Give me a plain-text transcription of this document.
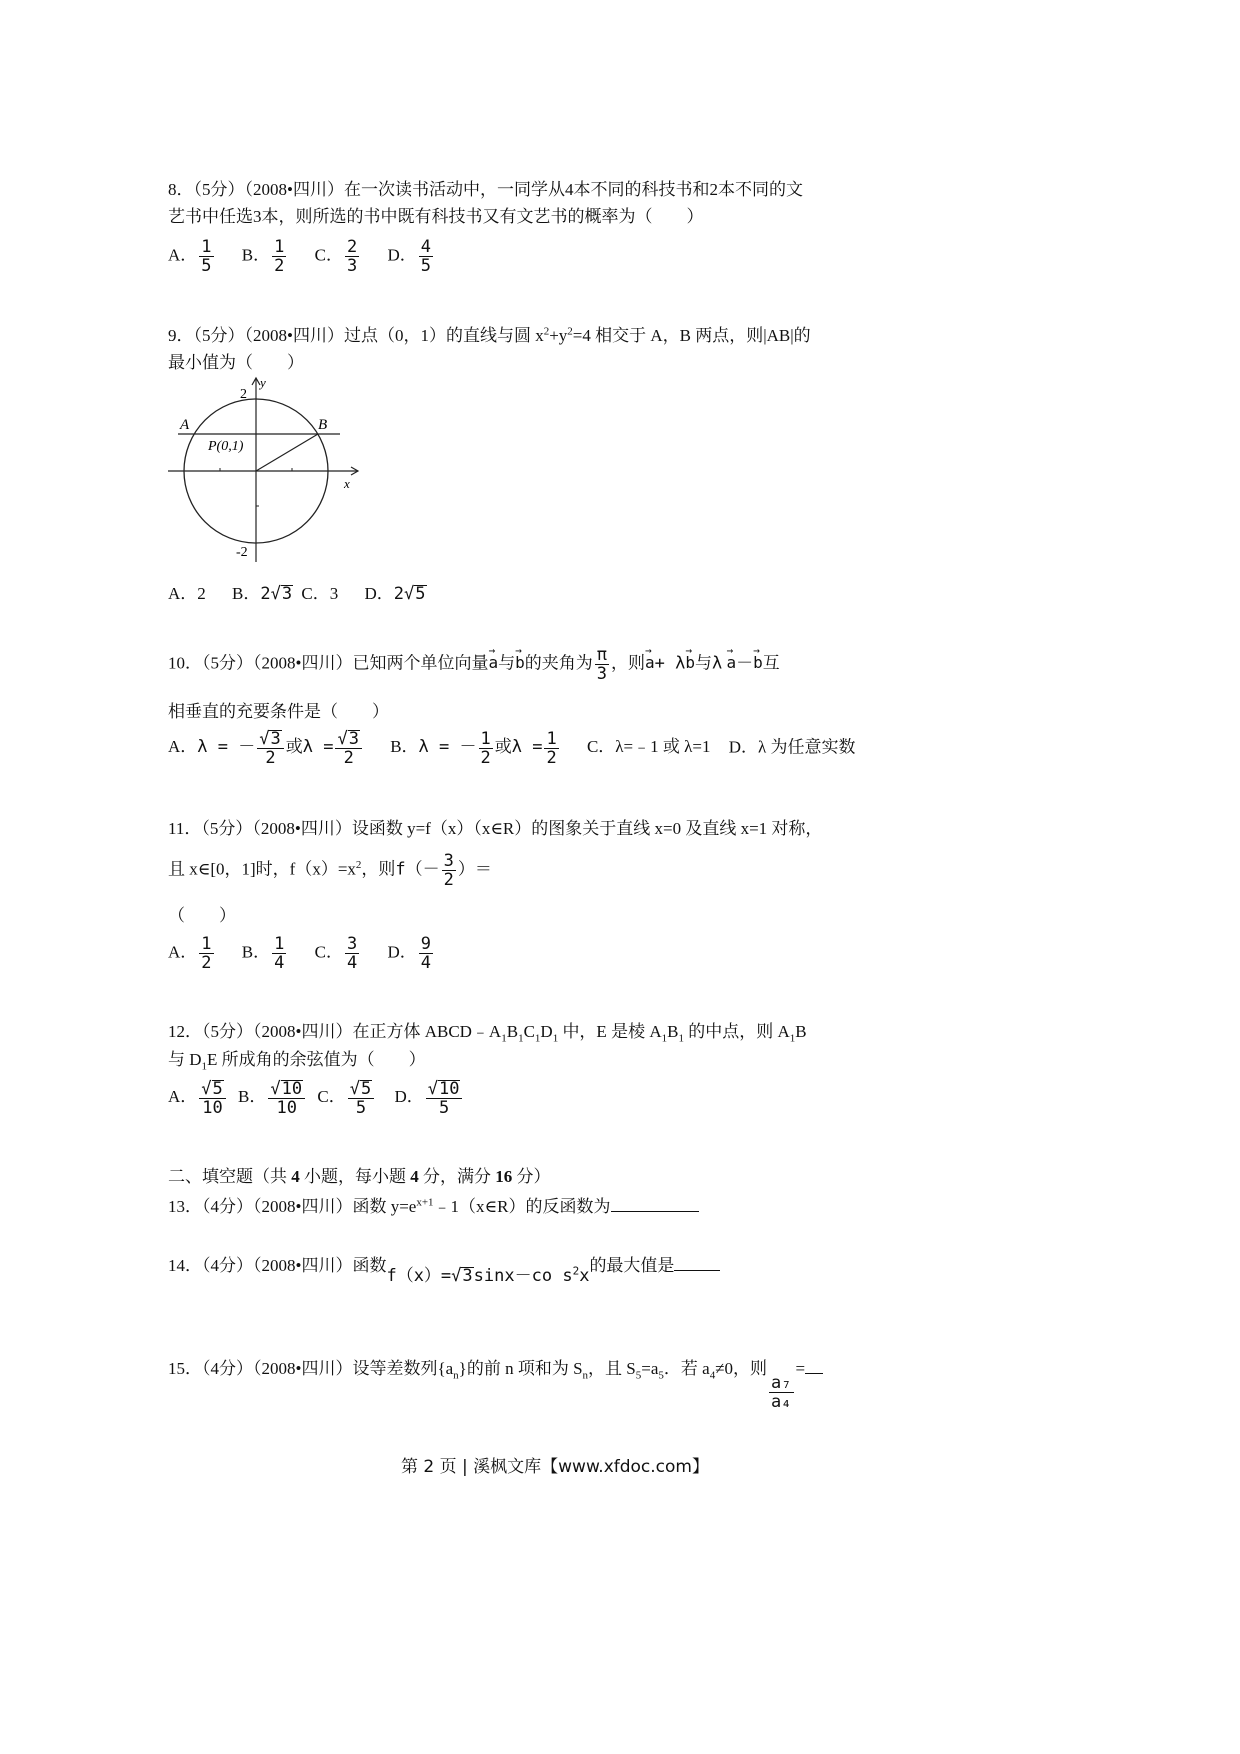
8．（5分）（2008•四川）在一次读书活动中，一同学从4本不同的科技书和2本不同的文
艺书中任选3本，则所选的书中既有科技书又有文艺书的概率为（　　）
A． $\frac{1}{5}$ B． $\frac{1}{2}$ C． $\frac{2}{3}$ D． $\frac{4}{5}$
9．（5分）（2008•四川）过点（0，1）的直线与圆 $x^2+y^2=4$ 相交于 A，B 两点，则|AB|的
最小值为（　　）
A	B
P(0,1)
y
x
2
-2
A．2 B．2√3 C．3 D．2√5
10．（5分）（2008•四川）已知两个单位向量→ a与→ b的夹角为 $\frac{\pi}{3}$ ，则→ a+ λ→ b与λ → a－→ b互
相垂直的充要条件是（　　）
A．λ = － $\frac{√3}{2}$ 或$\lambda = \frac{√3}{2}$ B．λ = － $\frac{1}{2}$ 或$\lambda = \frac{1}{2}$ C．λ=﹣1 或 λ=1 D．λ 为任意实数
11．（5分）（2008•四川）设函数 y=f（x）（x∈R）的图象关于直线 x=0 及直线 x=1 对称，
且 x∈[0，1]时，$f(x)=x^2$，则$f(- \frac{3}{2}$ ）＝
（　　）
A． $\frac{1}{2}$ B． $\frac{1}{4}$ C． $\frac{3}{4}$ D． $\frac{9}{4}$
12．（5分）（2008•四川）在正方体 $ABCD﹣A_1B_1C_1D_1$ 中，E 是棱 $A_1B_1$ 的中点，则 $A_1B$
与 $D_1E$ 所成角的余弦值为（　　）
A． $\frac{√5}{10}$ B． $\frac{√10}{10}$ C． $\frac{√5}{5}$ D． $\frac{√10}{5}$
二、填空题（共 4 小题，每小题 4 分，满分 16 分）
13．（4分）（2008•四川）函数 $y=e^{x+1}﹣1(x\in R)$的反函数为
14．（4分）（2008•四川）函数f（x）=√3sinx－co $s^2x$的最大值是
15．（4分）（2008•四川）设等差数列$\{a_n\}$的前 n 项和为 $S_n$，且 $S_5=a_5$．若 $a_4\ne 0$，则
$\frac{\text{a₇}}{\text{a₄}}$
=
第 2 页 | 溪枫文库【www.xfdoc.com】
